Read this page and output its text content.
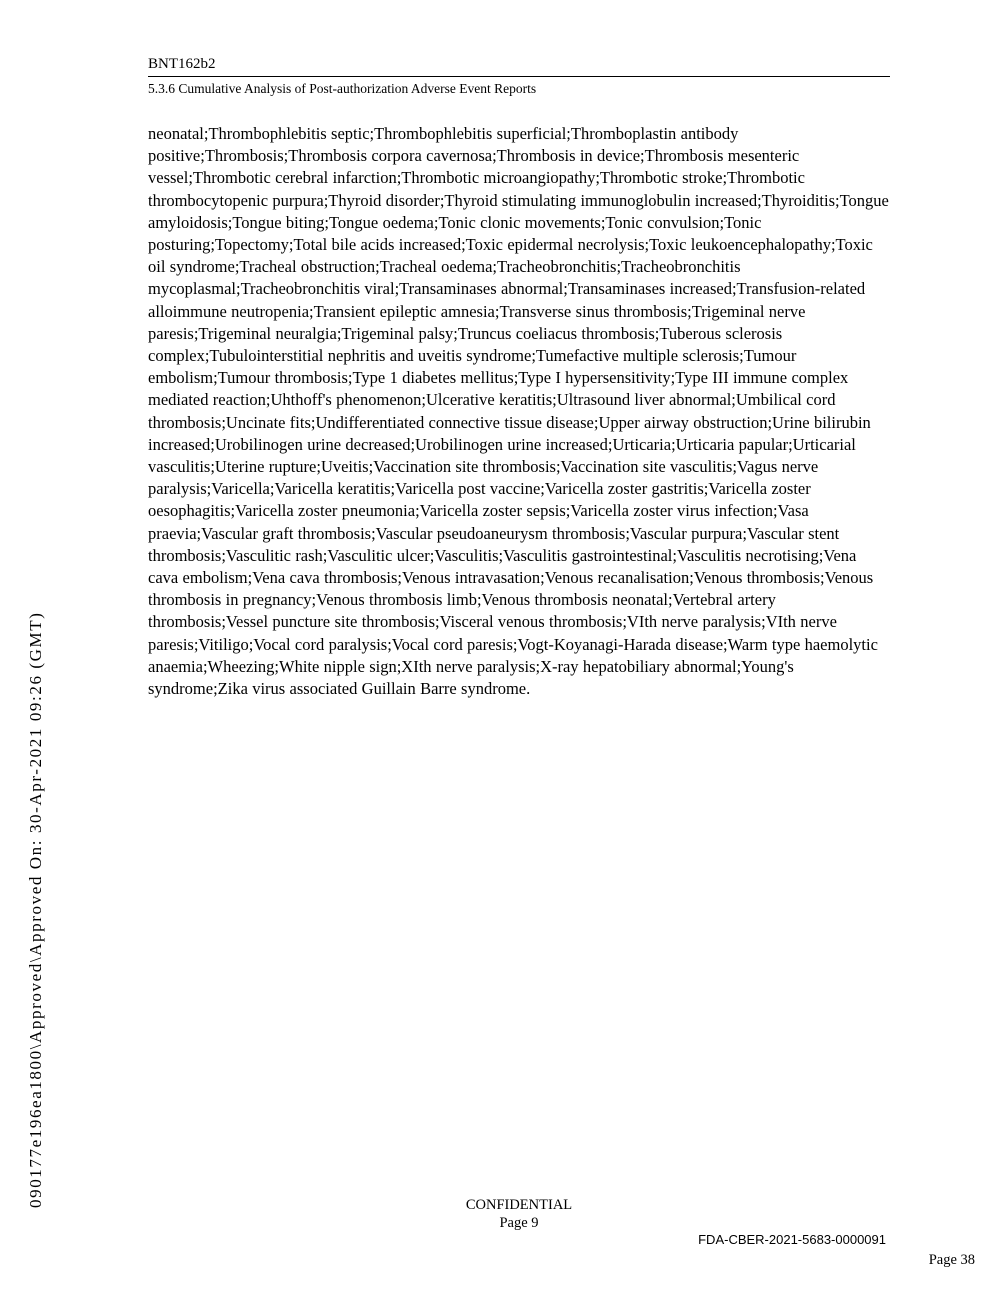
090177e196ea1800\Approved\Approved On: 30-Apr-2021 09:26 (GMT)
BNT162b2
5.3.6 Cumulative Analysis of Post-authorization Adverse Event Reports

neonatal;Thrombophlebitis septic;Thrombophlebitis superficial;Thromboplastin antibody positive;Thrombosis;Thrombosis corpora cavernosa;Thrombosis in device;Thrombosis mesenteric vessel;Thrombotic cerebral infarction;Thrombotic microangiopathy;Thrombotic stroke;Thrombotic thrombocytopenic purpura;Thyroid disorder;Thyroid stimulating immunoglobulin increased;Thyroiditis;Tongue amyloidosis;Tongue biting;Tongue oedema;Tonic clonic movements;Tonic convulsion;Tonic posturing;Topectomy;Total bile acids increased;Toxic epidermal necrolysis;Toxic leukoencephalopathy;Toxic oil syndrome;Tracheal obstruction;Tracheal oedema;Tracheobronchitis;Tracheobronchitis mycoplasmal;Tracheobronchitis viral;Transaminases abnormal;Transaminases increased;Transfusion-related alloimmune neutropenia;Transient epileptic amnesia;Transverse sinus thrombosis;Trigeminal nerve paresis;Trigeminal neuralgia;Trigeminal palsy;Truncus coeliacus thrombosis;Tuberous sclerosis complex;Tubulointerstitial nephritis and uveitis syndrome;Tumefactive multiple sclerosis;Tumour embolism;Tumour thrombosis;Type 1 diabetes mellitus;Type I hypersensitivity;Type III immune complex mediated reaction;Uhthoff's phenomenon;Ulcerative keratitis;Ultrasound liver abnormal;Umbilical cord thrombosis;Uncinate fits;Undifferentiated connective tissue disease;Upper airway obstruction;Urine bilirubin increased;Urobilinogen urine decreased;Urobilinogen urine increased;Urticaria;Urticaria papular;Urticarial vasculitis;Uterine rupture;Uveitis;Vaccination site thrombosis;Vaccination site vasculitis;Vagus nerve paralysis;Varicella;Varicella keratitis;Varicella post vaccine;Varicella zoster gastritis;Varicella zoster oesophagitis;Varicella zoster pneumonia;Varicella zoster sepsis;Varicella zoster virus infection;Vasa praevia;Vascular graft thrombosis;Vascular pseudoaneurysm thrombosis;Vascular purpura;Vascular stent thrombosis;Vasculitic rash;Vasculitic ulcer;Vasculitis;Vasculitis gastrointestinal;Vasculitis necrotising;Vena cava embolism;Vena cava thrombosis;Venous intravasation;Venous recanalisation;Venous thrombosis;Venous thrombosis in pregnancy;Venous thrombosis limb;Venous thrombosis neonatal;Vertebral artery thrombosis;Vessel puncture site thrombosis;Visceral venous thrombosis;VIth nerve paralysis;VIth nerve paresis;Vitiligo;Vocal cord paralysis;Vocal cord paresis;Vogt-Koyanagi-Harada disease;Warm type haemolytic anaemia;Wheezing;White nipple sign;XIth nerve paralysis;X-ray hepatobiliary abnormal;Young's syndrome;Zika virus associated Guillain Barre syndrome.

CONFIDENTIAL
Page 9
FDA-CBER-2021-5683-0000091
Page 38
